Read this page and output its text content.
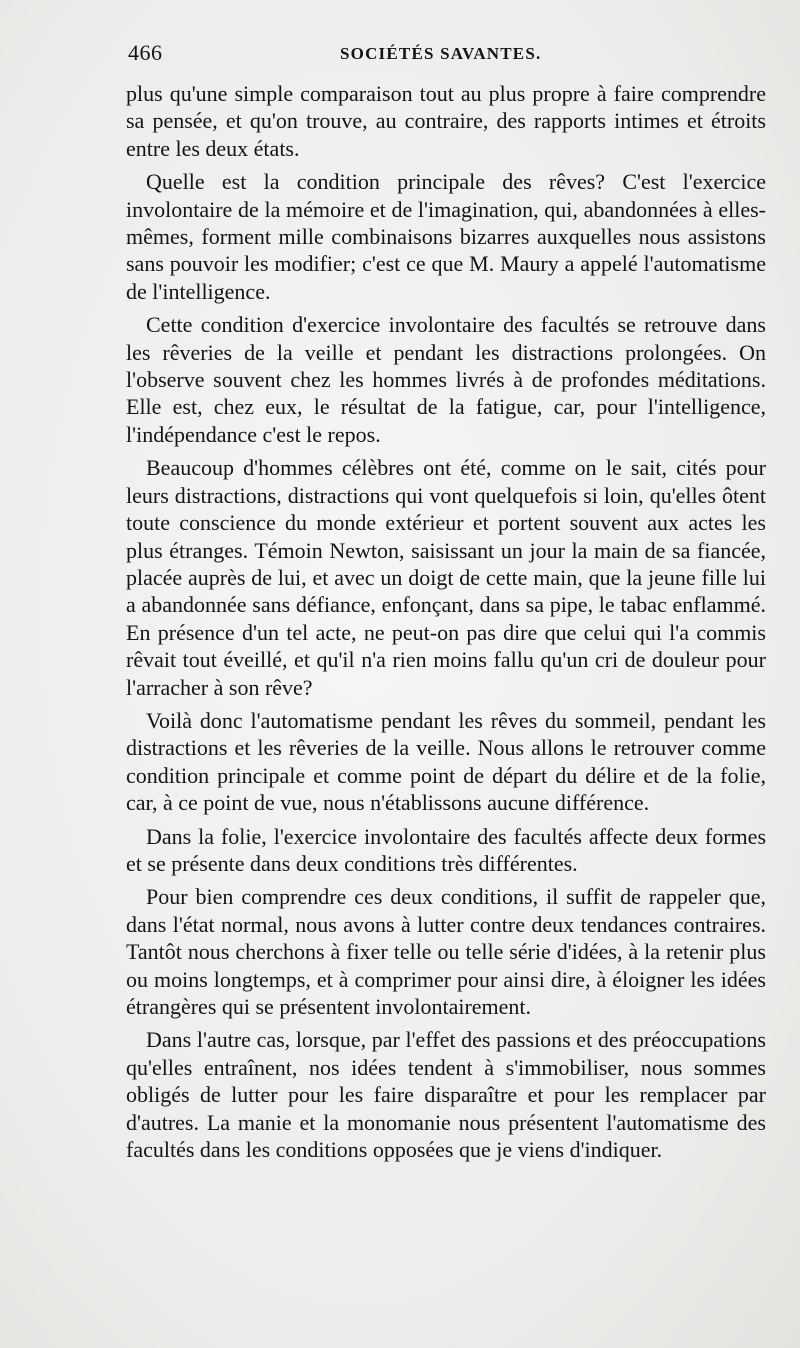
466	SOCIÉTÉS SAVANTES.

plus qu'une simple comparaison tout au plus propre à faire comprendre sa pensée, et qu'on trouve, au contraire, des rapports intimes et étroits entre les deux états.

Quelle est la condition principale des rêves? C'est l'exercice involontaire de la mémoire et de l'imagination, qui, abandonnées à elles-mêmes, forment mille combinaisons bizarres auxquelles nous assistons sans pouvoir les modifier; c'est ce que M. Maury a appelé l'automatisme de l'intelligence.

Cette condition d'exercice involontaire des facultés se retrouve dans les rêveries de la veille et pendant les distractions prolongées. On l'observe souvent chez les hommes livrés à de profondes méditations. Elle est, chez eux, le résultat de la fatigue, car, pour l'intelligence, l'indépendance c'est le repos.

Beaucoup d'hommes célèbres ont été, comme on le sait, cités pour leurs distractions, distractions qui vont quelquefois si loin, qu'elles ôtent toute conscience du monde extérieur et portent souvent aux actes les plus étranges. Témoin Newton, saisissant un jour la main de sa fiancée, placée auprès de lui, et avec un doigt de cette main, que la jeune fille lui a abandonnée sans défiance, enfonçant, dans sa pipe, le tabac enflammé. En présence d'un tel acte, ne peut-on pas dire que celui qui l'a commis rêvait tout éveillé, et qu'il n'a rien moins fallu qu'un cri de douleur pour l'arracher à son rêve?

Voilà donc l'automatisme pendant les rêves du sommeil, pendant les distractions et les rêveries de la veille. Nous allons le retrouver comme condition principale et comme point de départ du délire et de la folie, car, à ce point de vue, nous n'établissons aucune différence.

Dans la folie, l'exercice involontaire des facultés affecte deux formes et se présente dans deux conditions très différentes.

Pour bien comprendre ces deux conditions, il suffit de rappeler que, dans l'état normal, nous avons à lutter contre deux tendances contraires. Tantôt nous cherchons à fixer telle ou telle série d'idées, à la retenir plus ou moins longtemps, et à comprimer pour ainsi dire, à éloigner les idées étrangères qui se présentent involontairement.

Dans l'autre cas, lorsque, par l'effet des passions et des préoccupations qu'elles entraînent, nos idées tendent à s'immobiliser, nous sommes obligés de lutter pour les faire disparaître et pour les remplacer par d'autres. La manie et la monomanie nous présentent l'automatisme des facultés dans les conditions opposées que je viens d'indiquer.
